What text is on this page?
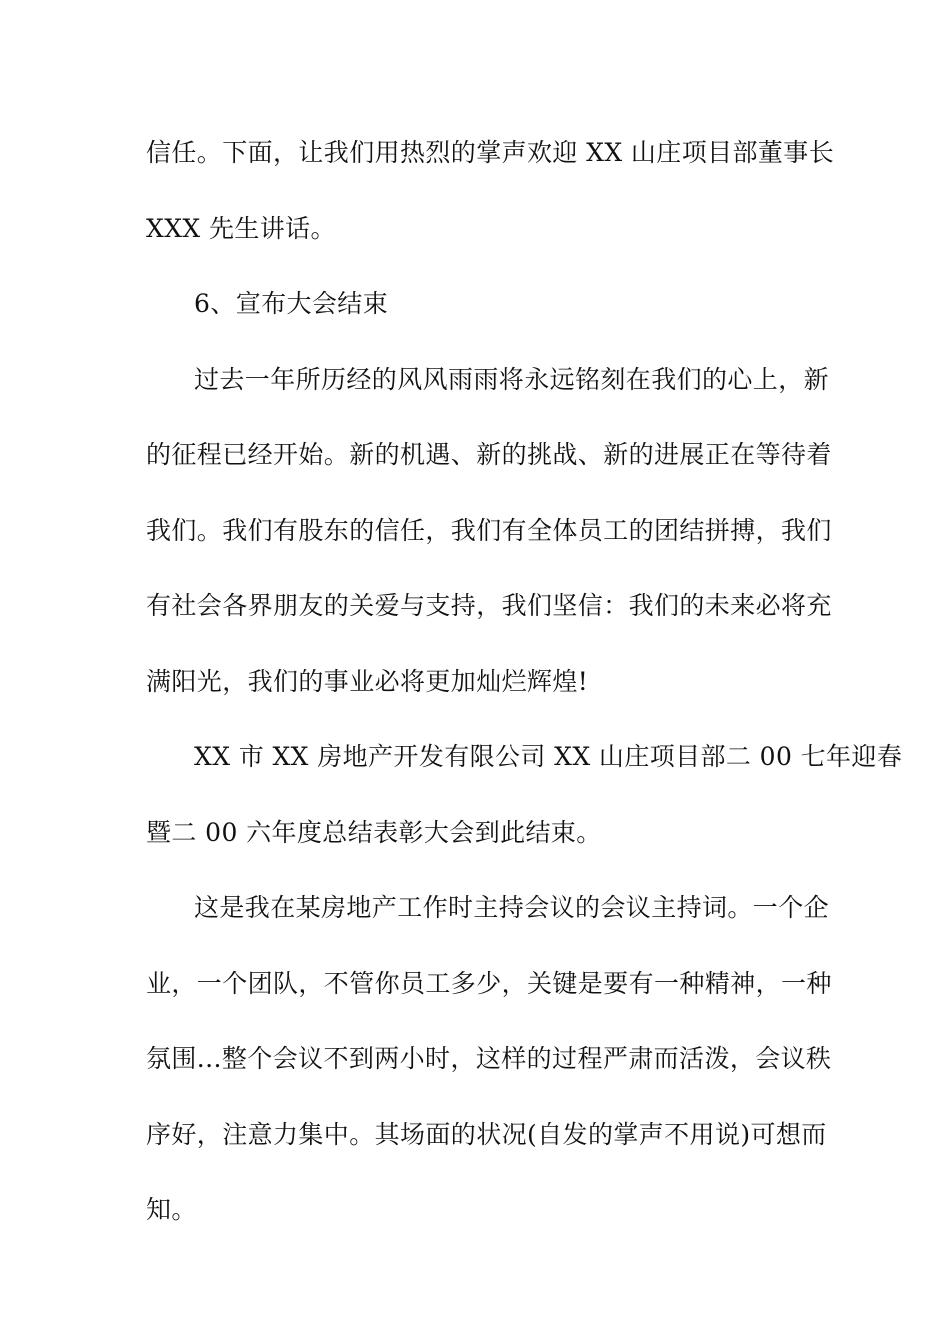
信任。下面，让我们用热烈的掌声欢迎 XX 山庄项目部董事长
XXX 先生讲话。
6、宣布大会结束
过去一年所历经的风风雨雨将永远铭刻在我们的心上，新
的征程已经开始。新的机遇、新的挑战、新的进展正在等待着
我们。我们有股东的信任，我们有全体员工的团结拼搏，我们
有社会各界朋友的关爱与支持，我们坚信：我们的未来必将充
满阳光，我们的事业必将更加灿烂辉煌!
XX 市 XX 房地产开发有限公司 XX 山庄项目部二 00 七年迎春
暨二 00 六年度总结表彰大会到此结束。
这是我在某房地产工作时主持会议的会议主持词。一个企
业，一个团队，不管你员工多少，关键是要有一种精神，一种
氛围...整个会议不到两小时，这样的过程严肃而活泼，会议秩
序好，注意力集中。其场面的状况(自发的掌声不用说)可想而
知。
